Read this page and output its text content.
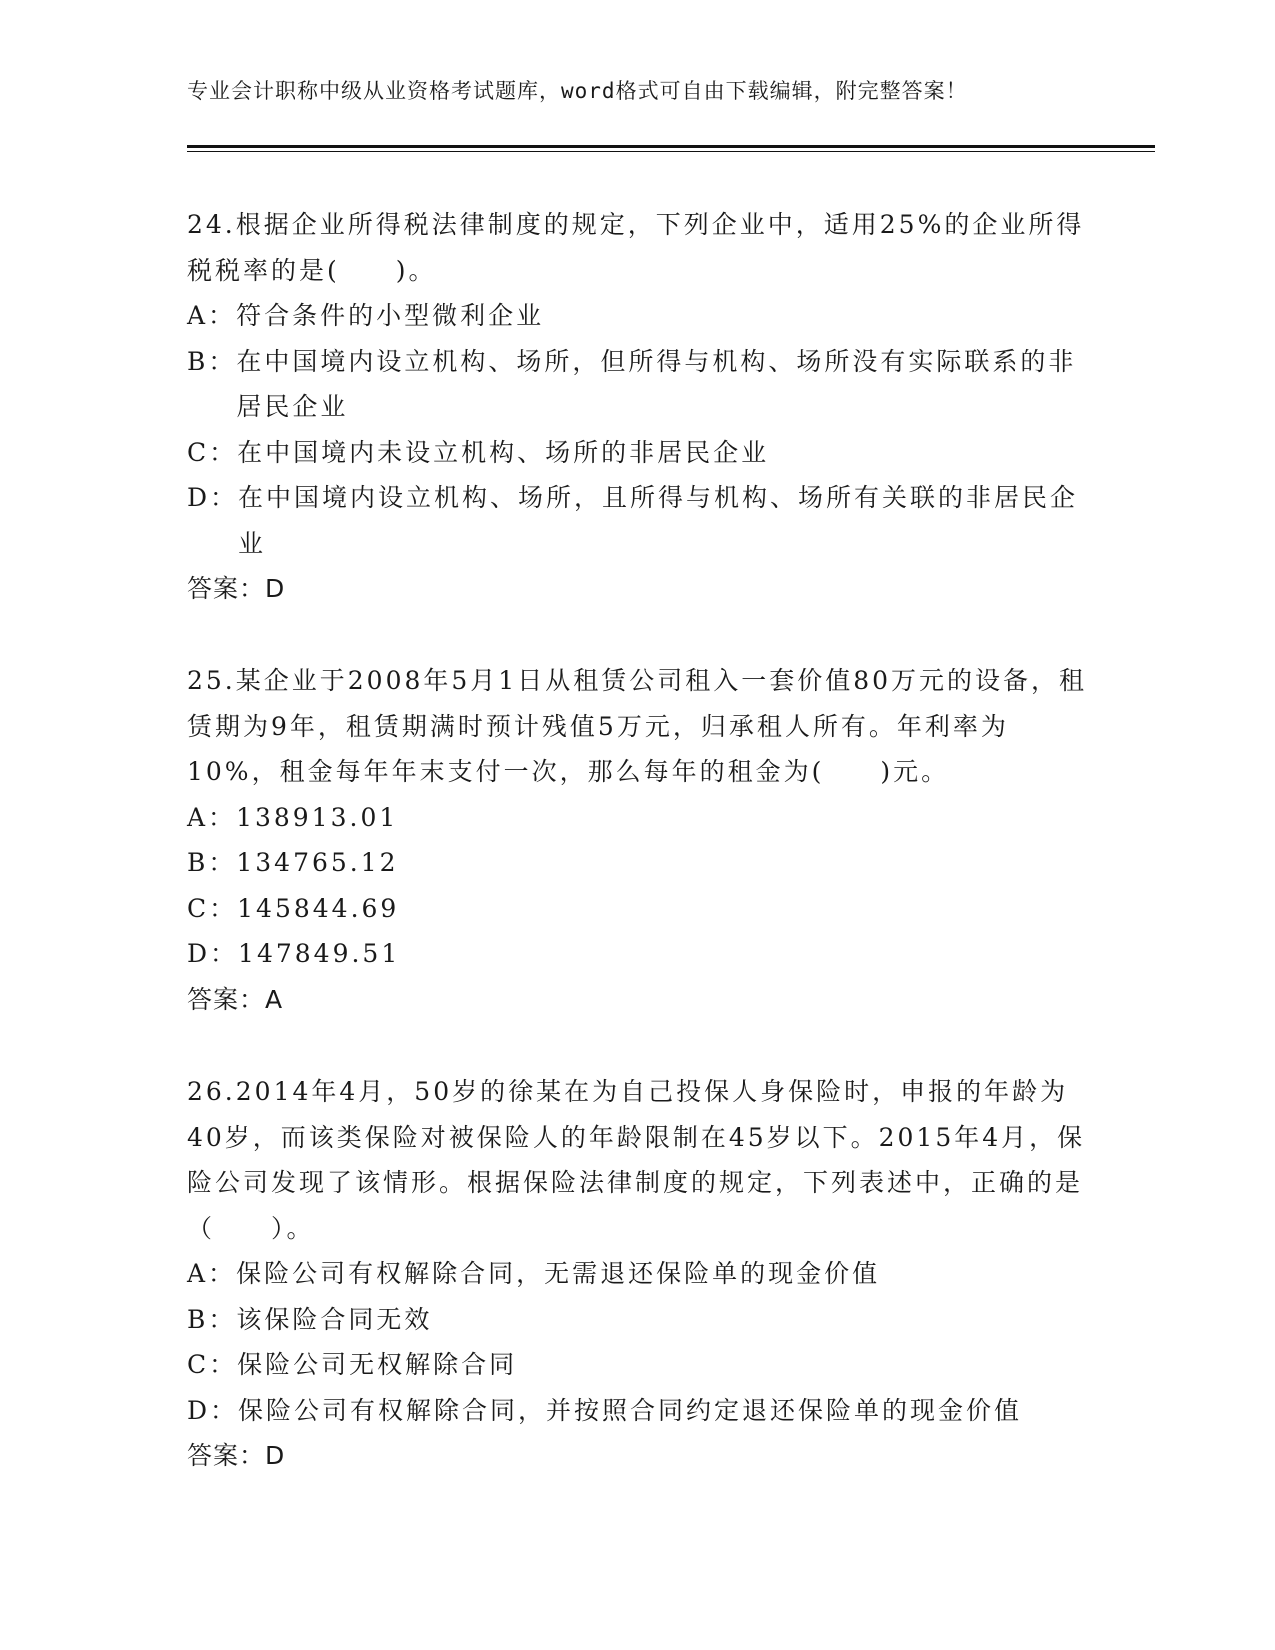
专业会计职称中级从业资格考试题库，word格式可自由下载编辑，附完整答案！

24.根据企业所得税法律制度的规定，下列企业中，适用25%的企业所得税税率的是(　　)。

A： 符合条件的小型微利企业
B： 在中国境内设立机构、场所，但所得与机构、场所没有实际联系的非居民企业
C： 在中国境内未设立机构、场所的非居民企业
D： 在中国境内设立机构、场所，且所得与机构、场所有关联的非居民企业

答案：D

25.某企业于2008年5月1日从租赁公司租入一套价值80万元的设备，租赁期为9年，租赁期满时预计残值5万元，归承租人所有。年利率为10%，租金每年年末支付一次，那么每年的租金为(　　)元。

A： 138913.01
B： 134765.12
C： 145844.69
D： 147849.51

答案：A

26.2014年4月，50岁的徐某在为自己投保人身保险时，申报的年龄为40岁，而该类保险对被保险人的年龄限制在45岁以下。2015年4月，保险公司发现了该情形。根据保险法律制度的规定，下列表述中，正确的是（　　）。

A： 保险公司有权解除合同，无需退还保险单的现金价值
B： 该保险合同无效
C： 保险公司无权解除合同
D： 保险公司有权解除合同，并按照合同约定退还保险单的现金价值

答案：D
